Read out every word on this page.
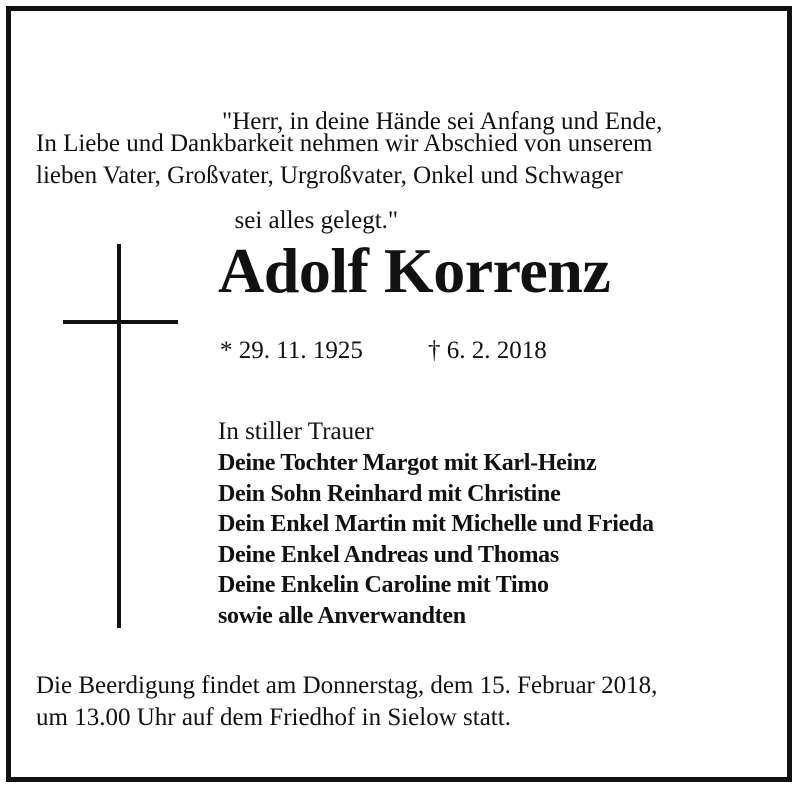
"Herr, in deine Hände sei Anfang und Ende,

sei alles gelegt."

In Liebe und Dankbarkeit nehmen wir Abschied von unserem
lieben Vater, Großvater, Urgroßvater, Onkel und Schwager
Adolf Korrenz
* 29. 11. 1925	† 6. 2. 2018
In stiller Trauer
Deine Tochter Margot mit Karl-Heinz
Dein Sohn Reinhard mit Christine
Dein Enkel Martin mit Michelle und Frieda
Deine Enkel Andreas und Thomas
Deine Enkelin Caroline mit Timo
sowie alle Anverwandten
Die Beerdigung findet am Donnerstag, dem 15. Februar 2018,
um 13.00 Uhr auf dem Friedhof in Sielow statt.
